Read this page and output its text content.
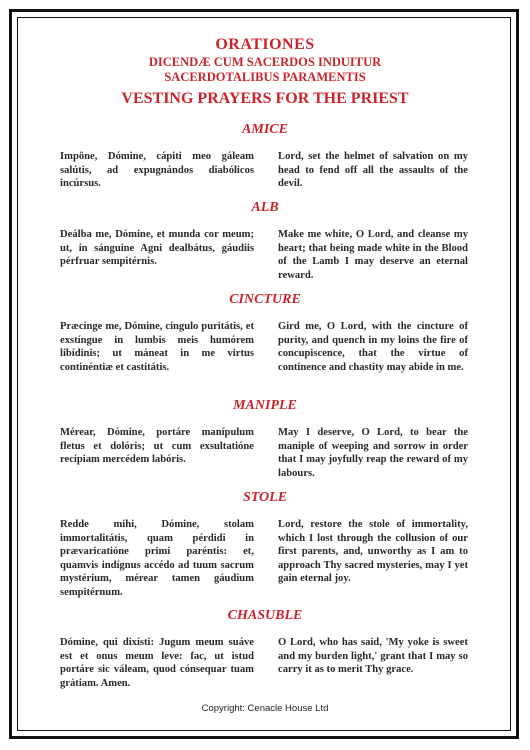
ORATIONES
DICENDÆ CUM SACERDOS INDUITUR
SACERDOTALIBUS PARAMENTIS
VESTING PRAYERS FOR THE PRIEST
AMICE

Impône, Dómine, cápiti meo gáleam salútis, ad expugnándos diabólicos incúrsus.

Lord, set the helmet of salvation on my head to fend off all the assaults of the devil.

ALB

Deálba me, Dómine, et munda cor meum; ut, in sánguine Agni dealbátus, gáudiis pérfruar sempitérnis.

Make me white, O Lord, and cleanse my heart; that being made white in the Blood of the Lamb I may deserve an eternal reward.

CINCTURE

Præcínge me, Dómine, cíngulo puritátis, et exstíngue in lumbis meis humórem libídinis; ut máneat in me virtus continéntiæ et castitátis.

Gird me, O Lord, with the cincture of purity, and quench in my loins the fire of concupiscence, that the virtue of continence and chastity may abide in me.

MANIPLE

Mérear, Dómine, portáre manípulum fletus et dolóris; ut cum exsultatióne recípiam mercédem labóris.

May I deserve, O Lord, to bear the maniple of weeping and sorrow in order that I may joyfully reap the reward of my labours.

STOLE

Redde mihi, Dómine, stolam immortalitátis, quam pérdidi in prævaricatióne primi paréntis: et, quamvis indígnus accédo ad tuum sacrum mystérium, mérear tamen gáudium sempitérnum.

Lord, restore the stole of immortality, which I lost through the collusion of our first parents, and, unworthy as I am to approach Thy sacred mysteries, may I yet gain eternal joy.

CHASUBLE

Dómine, qui dixísti: Jugum meum suáve est et onus meum leve: fac, ut istud portáre sic váleam, quod cónsequar tuam grátiam. Amen.

O Lord, who has said, 'My yoke is sweet and my burden light,' grant that I may so carry it as to merit Thy grace.

Copyright: Cenacle House Ltd
